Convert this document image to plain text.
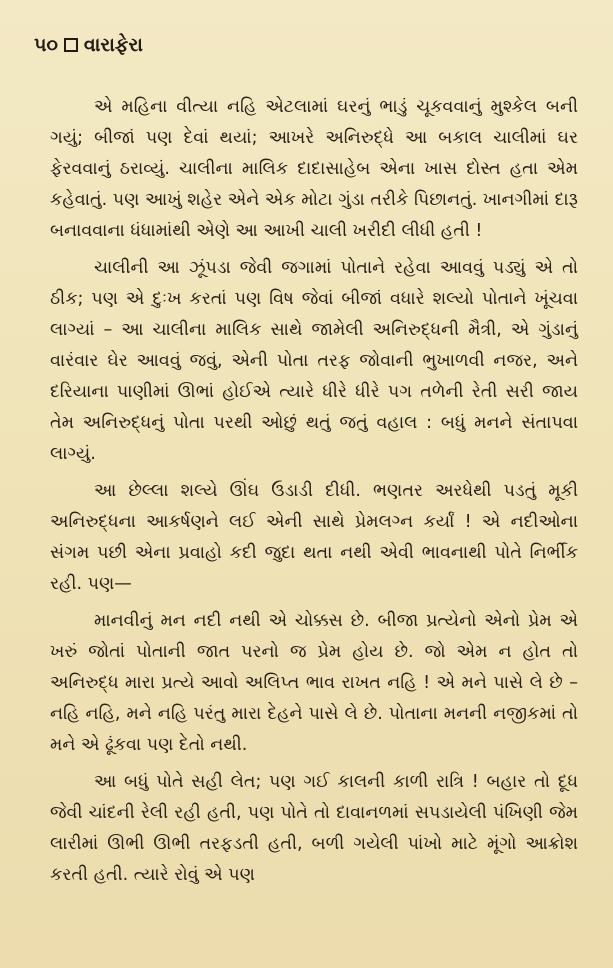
૫૦ વારાફેરા

એ મહિના વીત્યા નહિ એટલામાં ઘરનું ભાડું ચૂકવવાનું મુશ્કેલ બની ગયું; બીજાં પણ દેવાં થયાં; આખરે અનિરુદ્ધે આ બકાલ ચાલીમાં ઘર ફેરવવાનું ઠરાવ્યું. ચાલીના માલિક દાદાસાહેબ એના ખાસ દોસ્ત હતા એમ કહેવાતું. પણ આખું શહેર એને એક મોટા ગુંડા તરીકે પિછાનતું. ખાનગીમાં દારૂ બનાવવાના ધંધામાંથી એણે આ આખી ચાલી ખરીદી લીધી હતી !

ચાલીની આ ઝૂંપડા જેવી જગામાં પોતાને રહેવા આવવું પડ્યું એ તો ઠીક; પણ એ દુઃખ કરતાં પણ વિષ જેવાં બીજાં વધારે શલ્યો પોતાને ખૂંચવા લાગ્યાં – આ ચાલીના માલિક સાથે જામેલી અનિરુદ્ધની મૈત્રી, એ ગુંડાનું વારંવાર ઘેર આવવું જવું, એની પોતા તરફ જોવાની ભુખાળવી નજર, અને દરિયાના પાણીમાં ઊભાં હોઈએ ત્યારે ધીરે ધીરે પગ તળેની રેતી સરી જાય તેમ અનિરુદ્ધનું પોતા પરથી ઓછું થતું જતું વહાલ : બધું મનને સંતાપવા લાગ્યું.

આ છેલ્લા શલ્યે ઊંઘ ઉડાડી દીધી. ભણતર અરધેથી પડતું મૂકી અનિરુદ્ધના આકર્ષણને લઈ એની સાથે પ્રેમલગ્ન કર્યાં ! એ નદીઓના સંગમ પછી એના પ્રવાહો કદી જુદા થતા નથી એવી ભાવનાથી પોતે નિર્ભીક રહી. પણ—

માનવીનું મન નદી નથી એ ચોક્કસ છે. બીજા પ્રત્યેનો એનો પ્રેમ એ ખરું જોતાં પોતાની જાત પરનો જ પ્રેમ હોય છે. જો એમ ન હોત તો અનિરુદ્ધ મારા પ્રત્યે આવો અલિપ્ત ભાવ રાખત નહિ ! એ મને પાસે લે છે – નહિ નહિ, મને નહિ પરંતુ મારા દેહને પાસે લે છે. પોતાના મનની નજીકમાં તો મને એ ઢૂંકવા પણ દેતો નથી.

આ બધું પોતે સહી લેત; પણ ગઈ કાલની કાળી રાત્રિ ! બહાર તો દૂધ જેવી ચાંદની રેલી રહી હતી, પણ પોતે તો દાવાનળમાં સપડાયેલી પંખિણી જેમ લારીમાં ઊભી ઊભી તરફડતી હતી, બળી ગયેલી પાંખો માટે મૂંગો આક્રોશ કરતી હતી. ત્યારે રોવું એ પણ
